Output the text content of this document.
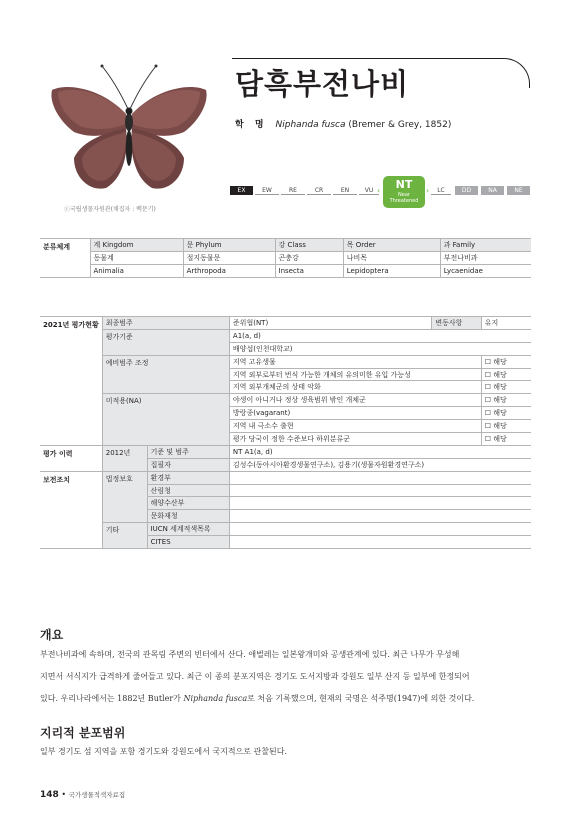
ⓒ국립생물자원관(채집자 : 백문기)
담흑부전나비
학 명 Niphanda fusca (Bremer & Grey, 1852)
EX	EW	RE	CR	EN	VU ‹	NT
Near
Threatened
›	LC	DD	NA	NE
분류체계	계 Kingdom	문 Phylum	강 Class	목 Order	과 Family
	동물계	절지동물문	곤충강	나비목	부전나비과
	Animalia	Arthropoda	Insecta	Lepidoptera	Lycaenidae
2021년 평가현황	최종범주		준위협(NT)	변동사항	유지
	평가기준		A1(a, d)		
			배양섭(인천대학교)		
	예비범주 조정		지역 고유생물		☐ 해당
			지역 외부로부터 번식 가능한 개체의 유의미한 유입 가능성		☐ 해당
			지역 외부개체군의 상태 악화		☐ 해당
	미적용(NA)		야생이 아니거나 정상 생육범위 밖인 개체군		☐ 해당
			방랑종(vagarant)		☐ 해당
			지역 내 극소수 출현		☐ 해당
			평가 당국이 정한 수준보다 하위분류군		☐ 해당
평가 이력	2012년	기준 및 범주	NT A1(a, d)		
		집필자	김성수(동아시아환경생물연구소), 김용기(생물자원환경연구소)		
보전조치	법정보호	환경부			
		산림청			
		해양수산부			
		문화재청			
	기타	IUCN 세계적색목록			
		CITES			
개요

부전나비과에 속하며, 전국의 관목림 주변의 빈터에서 산다. 애벌레는 일본왕개미와 공생관계에 있다. 최근 나무가 무성해

지면서 서식지가 급격하게 줄어들고 있다. 최근 이 종의 분포지역은 경기도 도서지방과 강원도 일부 산지 등 일부에 한정되어

있다. 우리나라에서는 1882년 Butler가 Niphanda fusca로 처음 기록했으며, 현재의 국명은 석주명(1947)에 의한 것이다.

지리적 분포범위

일부 경기도 섬 지역을 포함 경기도와 강원도에서 국지적으로 관찰된다.

148 • 국가생물적색자료집
